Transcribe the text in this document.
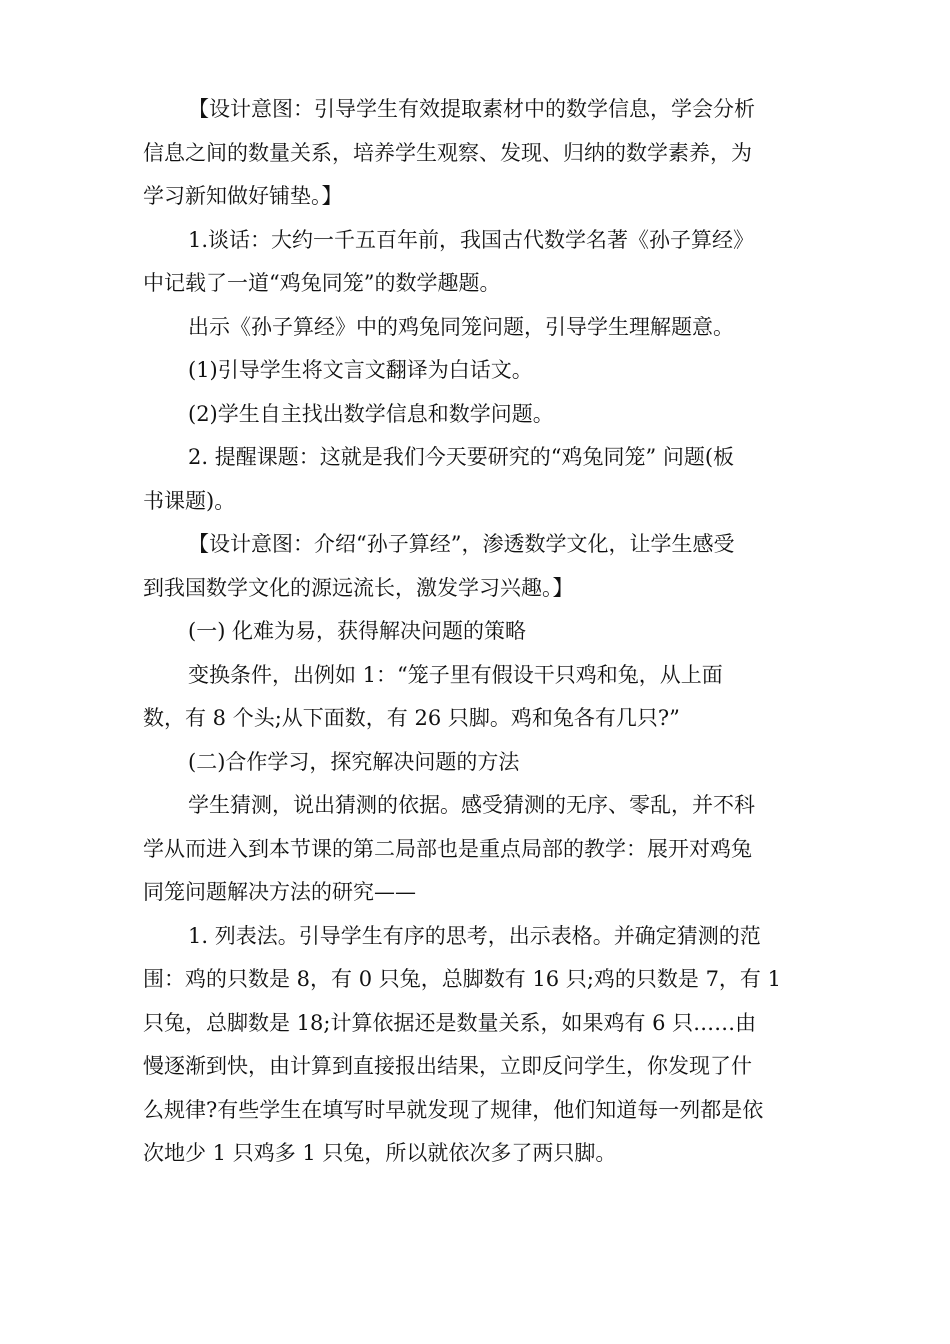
【设计意图：引导学生有效提取素材中的数学信息，学会分析
信息之间的数量关系，培养学生观察、发现、归纳的数学素养，为
学习新知做好铺垫。】

1.谈话：大约一千五百年前，我国古代数学名著《孙子算经》
中记载了一道“鸡兔同笼”的数学趣题。

出示《孙子算经》中的鸡兔同笼问题，引导学生理解题意。

(1)引导学生将文言文翻译为白话文。

(2)学生自主找出数学信息和数学问题。

2. 提醒课题：这就是我们今天要研究的“鸡兔同笼” 问题(板
书课题)。

【设计意图：介绍“孙子算经”，渗透数学文化，让学生感受
到我国数学文化的源远流长，激发学习兴趣。】

(一) 化难为易，获得解决问题的策略

变换条件，出例如 1：“笼子里有假设干只鸡和兔，从上面
数，有 8 个头;从下面数，有 26 只脚。鸡和兔各有几只?”

(二)合作学习，探究解决问题的方法

学生猜测，说出猜测的依据。感受猜测的无序、零乱，并不科
学从而进入到本节课的第二局部也是重点局部的教学：展开对鸡兔
同笼问题解决方法的研究——

1. 列表法。引导学生有序的思考，出示表格。并确定猜测的范
围：鸡的只数是 8，有 0 只兔，总脚数有 16 只;鸡的只数是 7，有 1
只兔，总脚数是 18;计算依据还是数量关系，如果鸡有 6 只……由
慢逐渐到快，由计算到直接报出结果，立即反问学生，你发现了什
么规律?有些学生在填写时早就发现了规律，他们知道每一列都是依
次地少 1 只鸡多 1 只兔，所以就依次多了两只脚。
